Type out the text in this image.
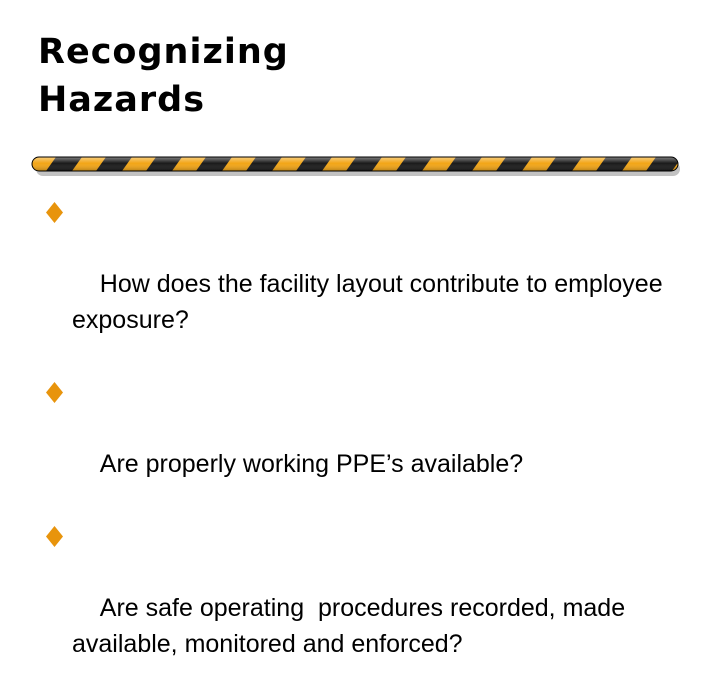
Recognizing
Hazards

How does the facility layout contribute to employee exposure?

Are properly working PPE’s available?

Are safe operating  procedures recorded, made available, monitored and enforced?
